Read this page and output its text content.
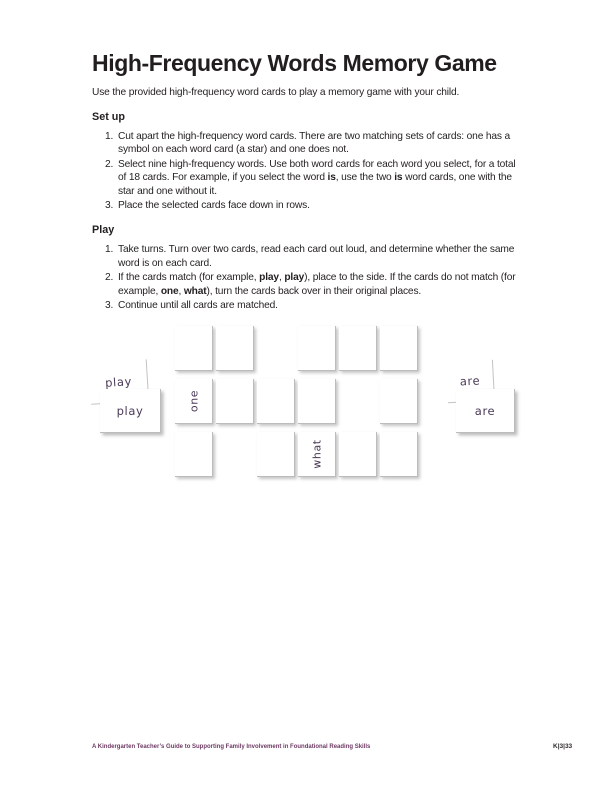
High-Frequency Words Memory Game

Use the provided high-frequency word cards to play a memory game with your child.

Set up
1. Cut apart the high-frequency word cards. There are two matching sets of cards: one has a symbol on each word card (a star) and one does not.
2. Select nine high-frequency words. Use both word cards for each word you select, for a total of 18 cards. For example, if you select the word is, use the two is word cards, one with the star and one without it.
3. Place the selected cards face down in rows.
Play
1. Take turns. Turn over two cards, read each card out loud, and determine whether the same word is on each card.
2. If the cards match (for example, play, play), place to the side. If the cards do not match (for example, one, what), turn the cards back over in their original places.
3. Continue until all cards are matched.
play
play	one
what
are
are
A Kindergarten Teacher’s Guide to Supporting Family Involvement in Foundational Reading Skills	K|3|33
